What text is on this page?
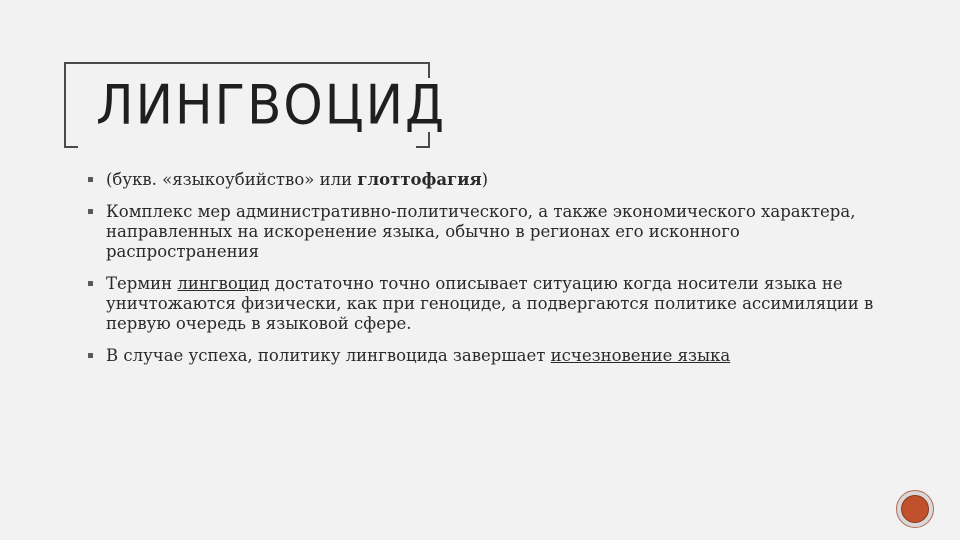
ЛИНГВОЦИД
(букв. «языкоубийство» или глоттофагия)
Комплекс мер административно-политического, а также экономического характера, направленных на искоренение языка, обычно в регионах его исконного распространения
Термин лингвоцид достаточно точно описывает ситуацию когда носители языка не уничтожаются физически, как при геноциде, а подвергаются политике ассимиляции в первую очередь в языковой сфере.
В случае успеха, политику лингвоцида завершает исчезновение языка
